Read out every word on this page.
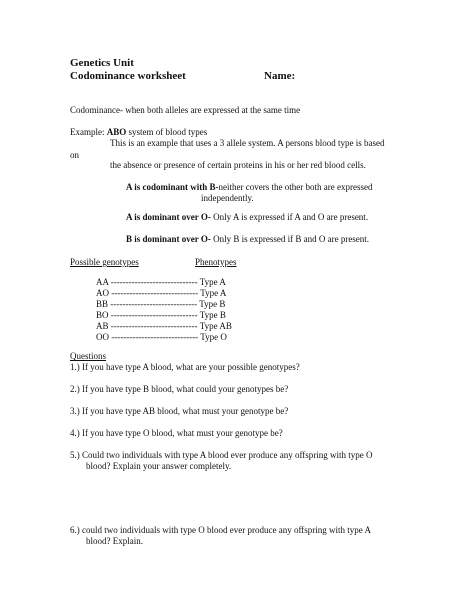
Genetics Unit
Codominance worksheet	Name:
Codominance- when both alleles are expressed at the same time
Example: ABO system of blood types
This is an example that uses a 3 allele system. A persons blood type is based
on
the absence or presence of certain proteins in his or her red blood cells.
A is codominant with B-neither covers the other both are expressed
independently.
A is dominant over O- Only A is expressed if A and O are present.
B is dominant over O- Only B is expressed if B and O are present.
Possible genotypes	Phenotypes
AA ----------------------------- Type A
AO ----------------------------- Type A
BB ----------------------------- Type B
BO ----------------------------- Type B
AB ----------------------------- Type AB
OO ----------------------------- Type O
Questions
1.) If you have type A blood, what are your possible genotypes?
2.) If you have type B blood, what could your genotypes be?
3.) If you have type AB blood, what must your genotype be?
4.) If you have type O blood, what must your genotype be?
5.) Could two individuals with type A blood ever produce any offspring with type O
blood? Explain your answer completely.
6.) could two individuals with type O blood ever produce any offspring with type A
blood? Explain.
